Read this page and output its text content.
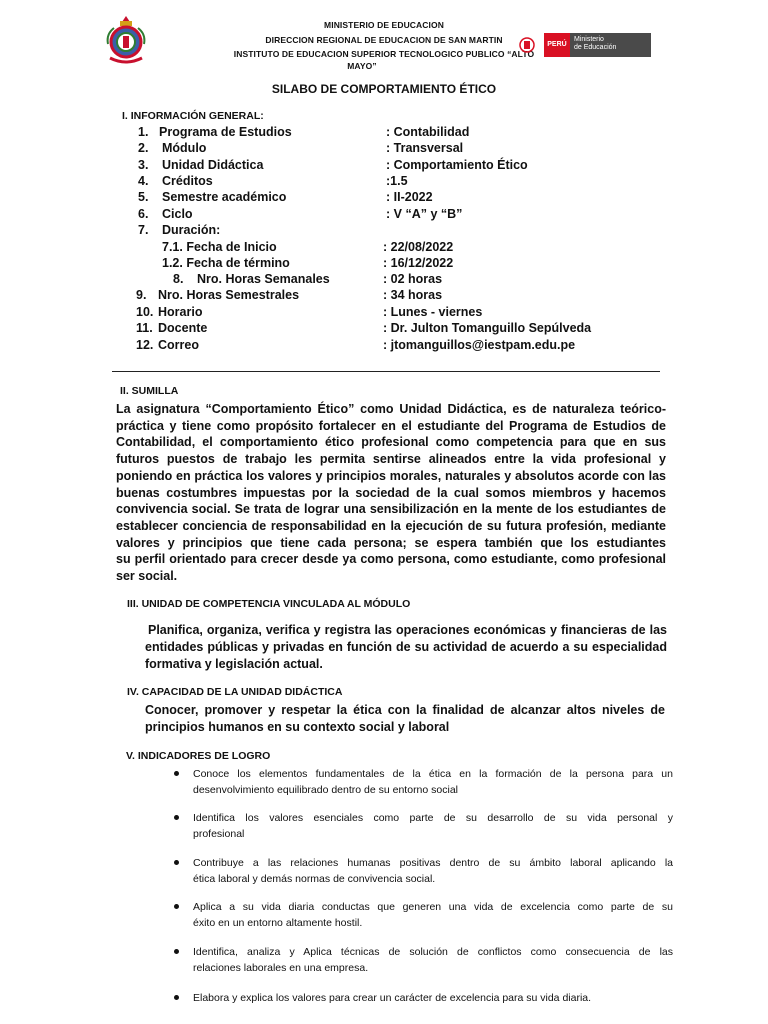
MINISTERIO DE EDUCACION
DIRECCION REGIONAL DE EDUCACION DE SAN MARTIN
INSTITUTO DE EDUCACION SUPERIOR TECNOLOGICO PUBLICO “ALTO
MAYO”
PERÚ
Ministerio
de Educación
SILABO DE COMPORTAMIENTO ÉTICO
I. INFORMACIÓN GENERAL:
1. Programa de Estudios	: Contabilidad
2. Módulo	: Transversal
3. Unidad Didáctica	: Comportamiento Ético
4. Créditos	:1.5
5. Semestre académico	: II-2022
6. Ciclo	: V “A” y “B”
7. Duración:
7.1. Fecha de Inicio	: 22/08/2022
1.2. Fecha de término	: 16/12/2022
8. Nro. Horas Semanales	: 02 horas
9. Nro. Horas Semestrales	: 34 horas
10. Horario	: Lunes - viernes
11. Docente	: Dr. Julton Tomanguillo Sepúlveda
12. Correo	: jtomanguillos@iestpam.edu.pe
II. SUMILLA
La asignatura “Comportamiento Ético” como Unidad Didáctica, es de naturaleza teórico-
práctica y tiene como propósito fortalecer en el estudiante del Programa de Estudios de
Contabilidad, el comportamiento ético profesional como competencia para que en sus
futuros puestos de trabajo les permita sentirse alineados entre la vida profesional y
poniendo en práctica los valores y principios morales, naturales y absolutos acorde con las
buenas costumbres impuestas por la sociedad de la cual somos miembros y hacemos
convivencia social. Se trata de lograr una sensibilización en la mente de los estudiantes de
establecer conciencia de responsabilidad en la ejecución de su futura profesión, mediante
valores y principios que tiene cada persona; se espera también que los estudiantes
su perfil orientado para crecer desde ya como persona, como estudiante, como profesional
ser social.
III. UNIDAD DE COMPETENCIA VINCULADA AL MÓDULO
Planifica, organiza, verifica y registra las operaciones económicas y financieras de las
entidades públicas y privadas en función de su actividad de acuerdo a su especialidad
formativa y legislación actual.
IV. CAPACIDAD DE LA UNIDAD DIDÁCTICA
Conocer, promover y respetar la ética con la finalidad de alcanzar altos niveles de
principios humanos en su contexto social y laboral
V. INDICADORES DE LOGRO
Conoce los elementos fundamentales de la ética en la formación de la persona para un
desenvolvimiento equilibrado dentro de su entorno social
Identifica los valores esenciales como parte de su desarrollo de su vida personal y
profesional
Contribuye a las relaciones humanas positivas dentro de su ámbito laboral aplicando la
ética laboral y demás normas de convivencia social.
Aplica a su vida diaria conductas que generen una vida de excelencia como parte de su
éxito en un entorno altamente hostil.
Identifica, analiza y Aplica técnicas de solución de conflictos como consecuencia de las
relaciones laborales en una empresa.
Elabora y explica los valores para crear un carácter de excelencia para su vida diaria.
